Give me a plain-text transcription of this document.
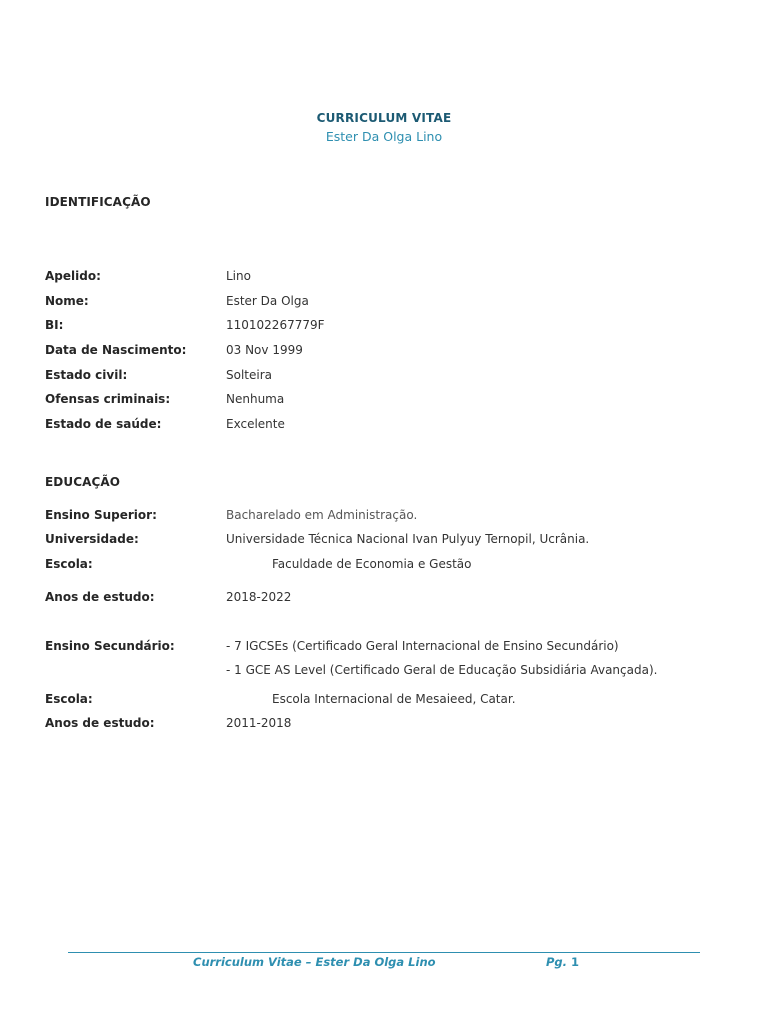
CURRICULUM VITAE
Ester Da Olga Lino
IDENTIFICAÇÃO
Apelido:	Lino
Nome:	Ester Da Olga
BI:	110102267779F
Data de Nascimento:	03 Nov 1999
Estado civil:	Solteira
Ofensas criminais:	Nenhuma
Estado de saúde:	Excelente
EDUCAÇÃO
Ensino Superior:	Bacharelado em Administração.
Universidade:	Universidade Técnica Nacional Ivan Pulyuy Ternopil, Ucrânia.
Escola:	Faculdade de Economia e Gestão
Anos de estudo:	2018-2022
Ensino Secundário:	- 7 IGCSEs (Certificado Geral Internacional de Ensino Secundário)
- 1 GCE AS Level (Certificado Geral de Educação Subsidiária Avançada).
Escola:	Escola Internacional de Mesaieed, Catar.
Anos de estudo:	2011-2018
Curriculum Vitae – Ester Da Olga Lino	Pg. 1
